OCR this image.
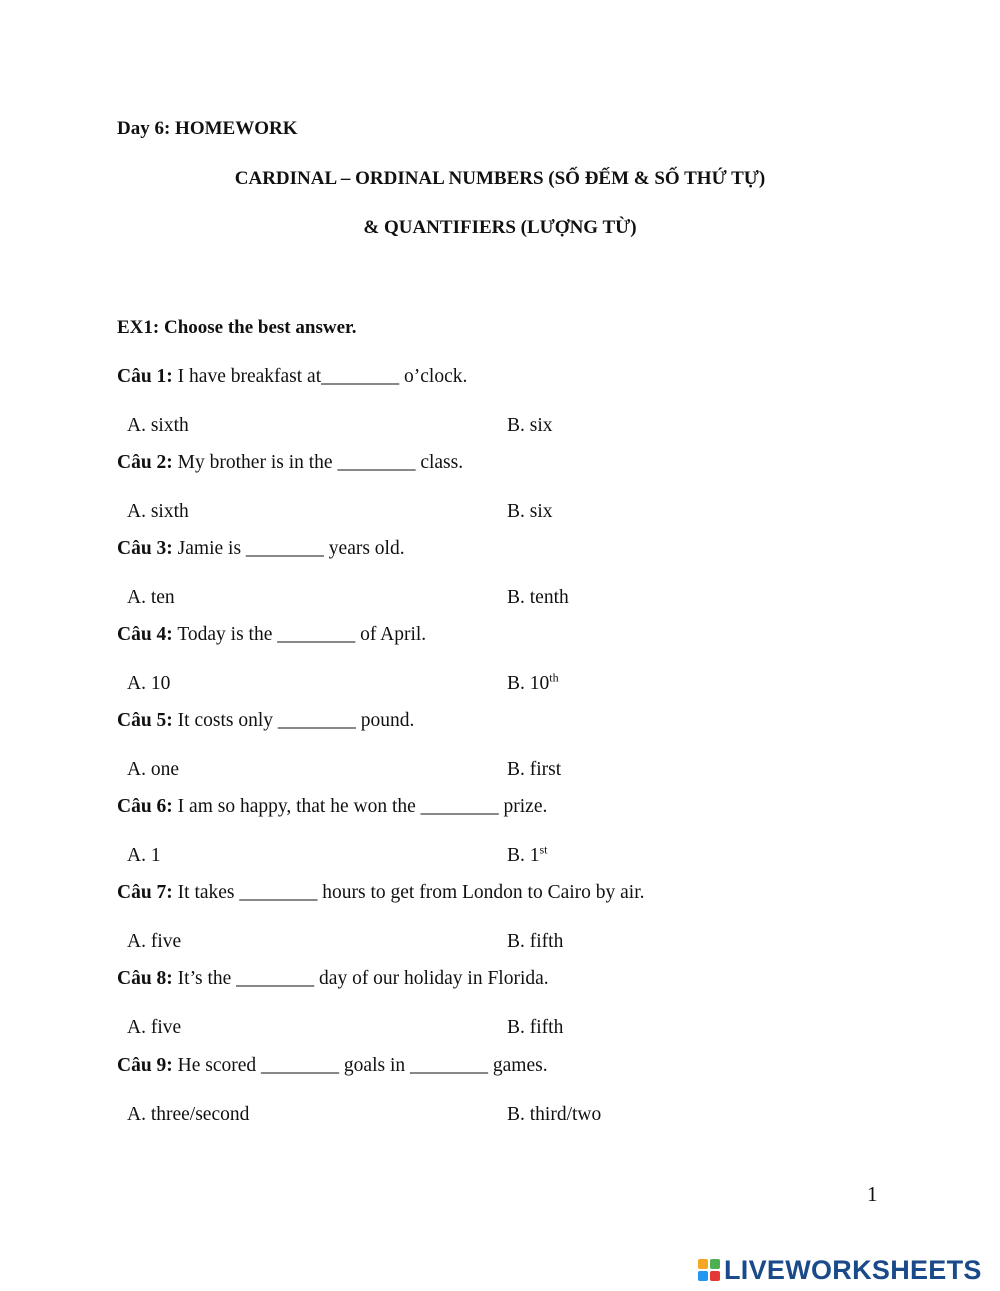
Day 6: HOMEWORK

CARDINAL – ORDINAL NUMBERS (SỐ ĐẾM & SỐ THỨ TỰ)

& QUANTIFIERS (LƯỢNG TỪ)

EX1: Choose the best answer.

Câu 1: I have breakfast at________ o’clock.

A. sixth	B. six

Câu 2: My brother is in the ________ class.

A. sixth	B. six

Câu 3: Jamie is ________ years old.

A. ten	B. tenth

Câu 4: Today is the ________ of April.

A. 10	B. 10th

Câu 5: It costs only ________ pound.

A. one	B. first

Câu 6: I am so happy, that he won the ________ prize.

A. 1	B. 1st

Câu 7: It takes ________ hours to get from London to Cairo by air.

A. five	B. fifth

Câu 8: It’s the ________ day of our holiday in Florida.

A. five	B. fifth

Câu 9: He scored ________ goals in ________ games.

A. three/second	B. third/two

1

LIVEWORKSHEETS
